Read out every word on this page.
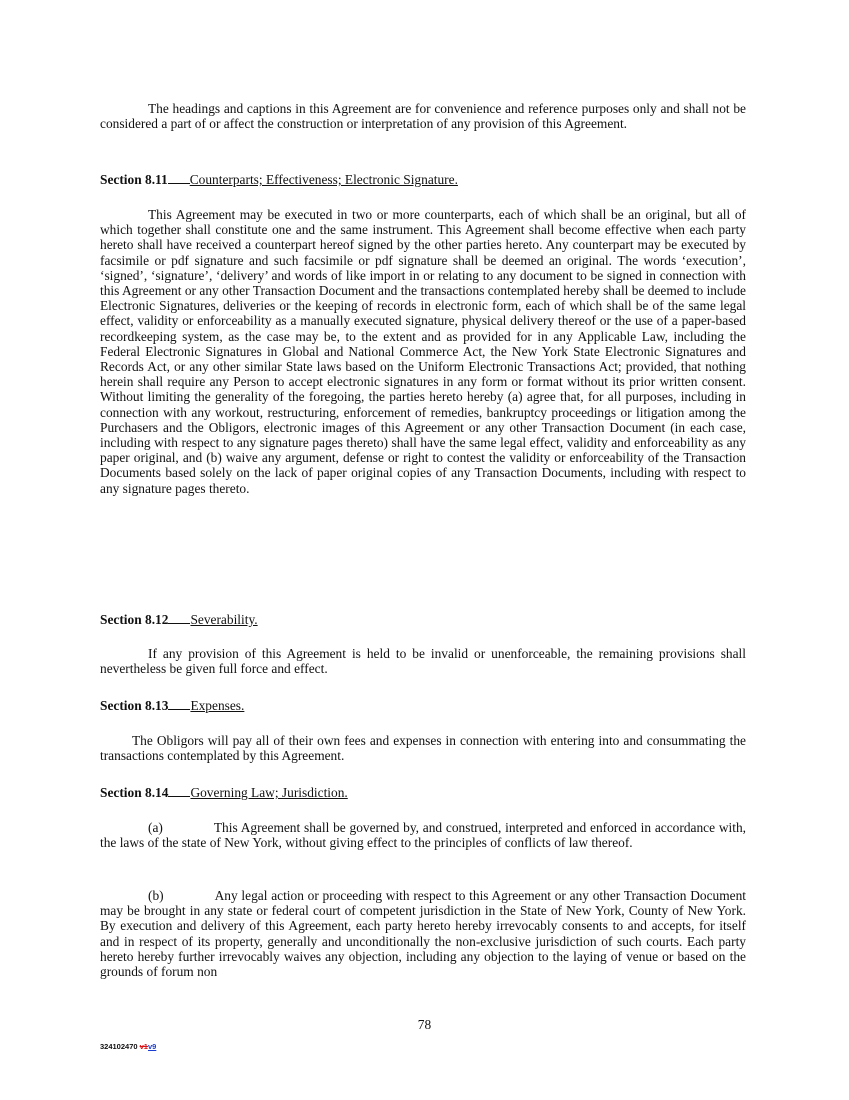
The headings and captions in this Agreement are for convenience and reference purposes only and shall not be considered a part of or affect the construction or interpretation of any provision of this Agreement.

Section 8.11 Counterparts; Effectiveness; Electronic Signature.

This Agreement may be executed in two or more counterparts, each of which shall be an original, but all of which together shall constitute one and the same instrument. This Agreement shall become effective when each party hereto shall have received a counterpart hereof signed by the other parties hereto. Any counterpart may be executed by facsimile or pdf signature and such facsimile or pdf signature shall be deemed an original. The words ‘execution’, ‘signed’, ‘signature’, ‘delivery’ and words of like import in or relating to any document to be signed in connection with this Agreement or any other Transaction Document and the transactions contemplated hereby shall be deemed to include Electronic Signatures, deliveries or the keeping of records in electronic form, each of which shall be of the same legal effect, validity or enforceability as a manually executed signature, physical delivery thereof or the use of a paper-based recordkeeping system, as the case may be, to the extent and as provided for in any Applicable Law, including the Federal Electronic Signatures in Global and National Commerce Act, the New York State Electronic Signatures and Records Act, or any other similar State laws based on the Uniform Electronic Transactions Act; provided, that nothing herein shall require any Person to accept electronic signatures in any form or format without its prior written consent. Without limiting the generality of the foregoing, the parties hereto hereby (a) agree that, for all purposes, including in connection with any workout, restructuring, enforcement of remedies, bankruptcy proceedings or litigation among the Purchasers and the Obligors, electronic images of this Agreement or any other Transaction Document (in each case, including with respect to any signature pages thereto) shall have the same legal effect, validity and enforceability as any paper original, and (b) waive any argument, defense or right to contest the validity or enforceability of the Transaction Documents based solely on the lack of paper original copies of any Transaction Documents, including with respect to any signature pages thereto.

Section 8.12 Severability.

If any provision of this Agreement is held to be invalid or unenforceable, the remaining provisions shall nevertheless be given full force and effect.

Section 8.13 Expenses.

The Obligors will pay all of their own fees and expenses in connection with entering into and consummating the transactions contemplated by this Agreement.

Section 8.14 Governing Law; Jurisdiction.

(a)	This Agreement shall be governed by, and construed, interpreted and enforced in accordance with, the laws of the state of New York, without giving effect to the principles of conflicts of law thereof.

(b)	Any legal action or proceeding with respect to this Agreement or any other Transaction Document may be brought in any state or federal court of competent jurisdiction in the State of New York, County of New York. By execution and delivery of this Agreement, each party hereto hereby irrevocably consents to and accepts, for itself and in respect of its property, generally and unconditionally the non-exclusive jurisdiction of such courts. Each party hereto hereby further irrevocably waives any objection, including any objection to the laying of venue or based on the grounds of forum non

78

324102470 v1v9
